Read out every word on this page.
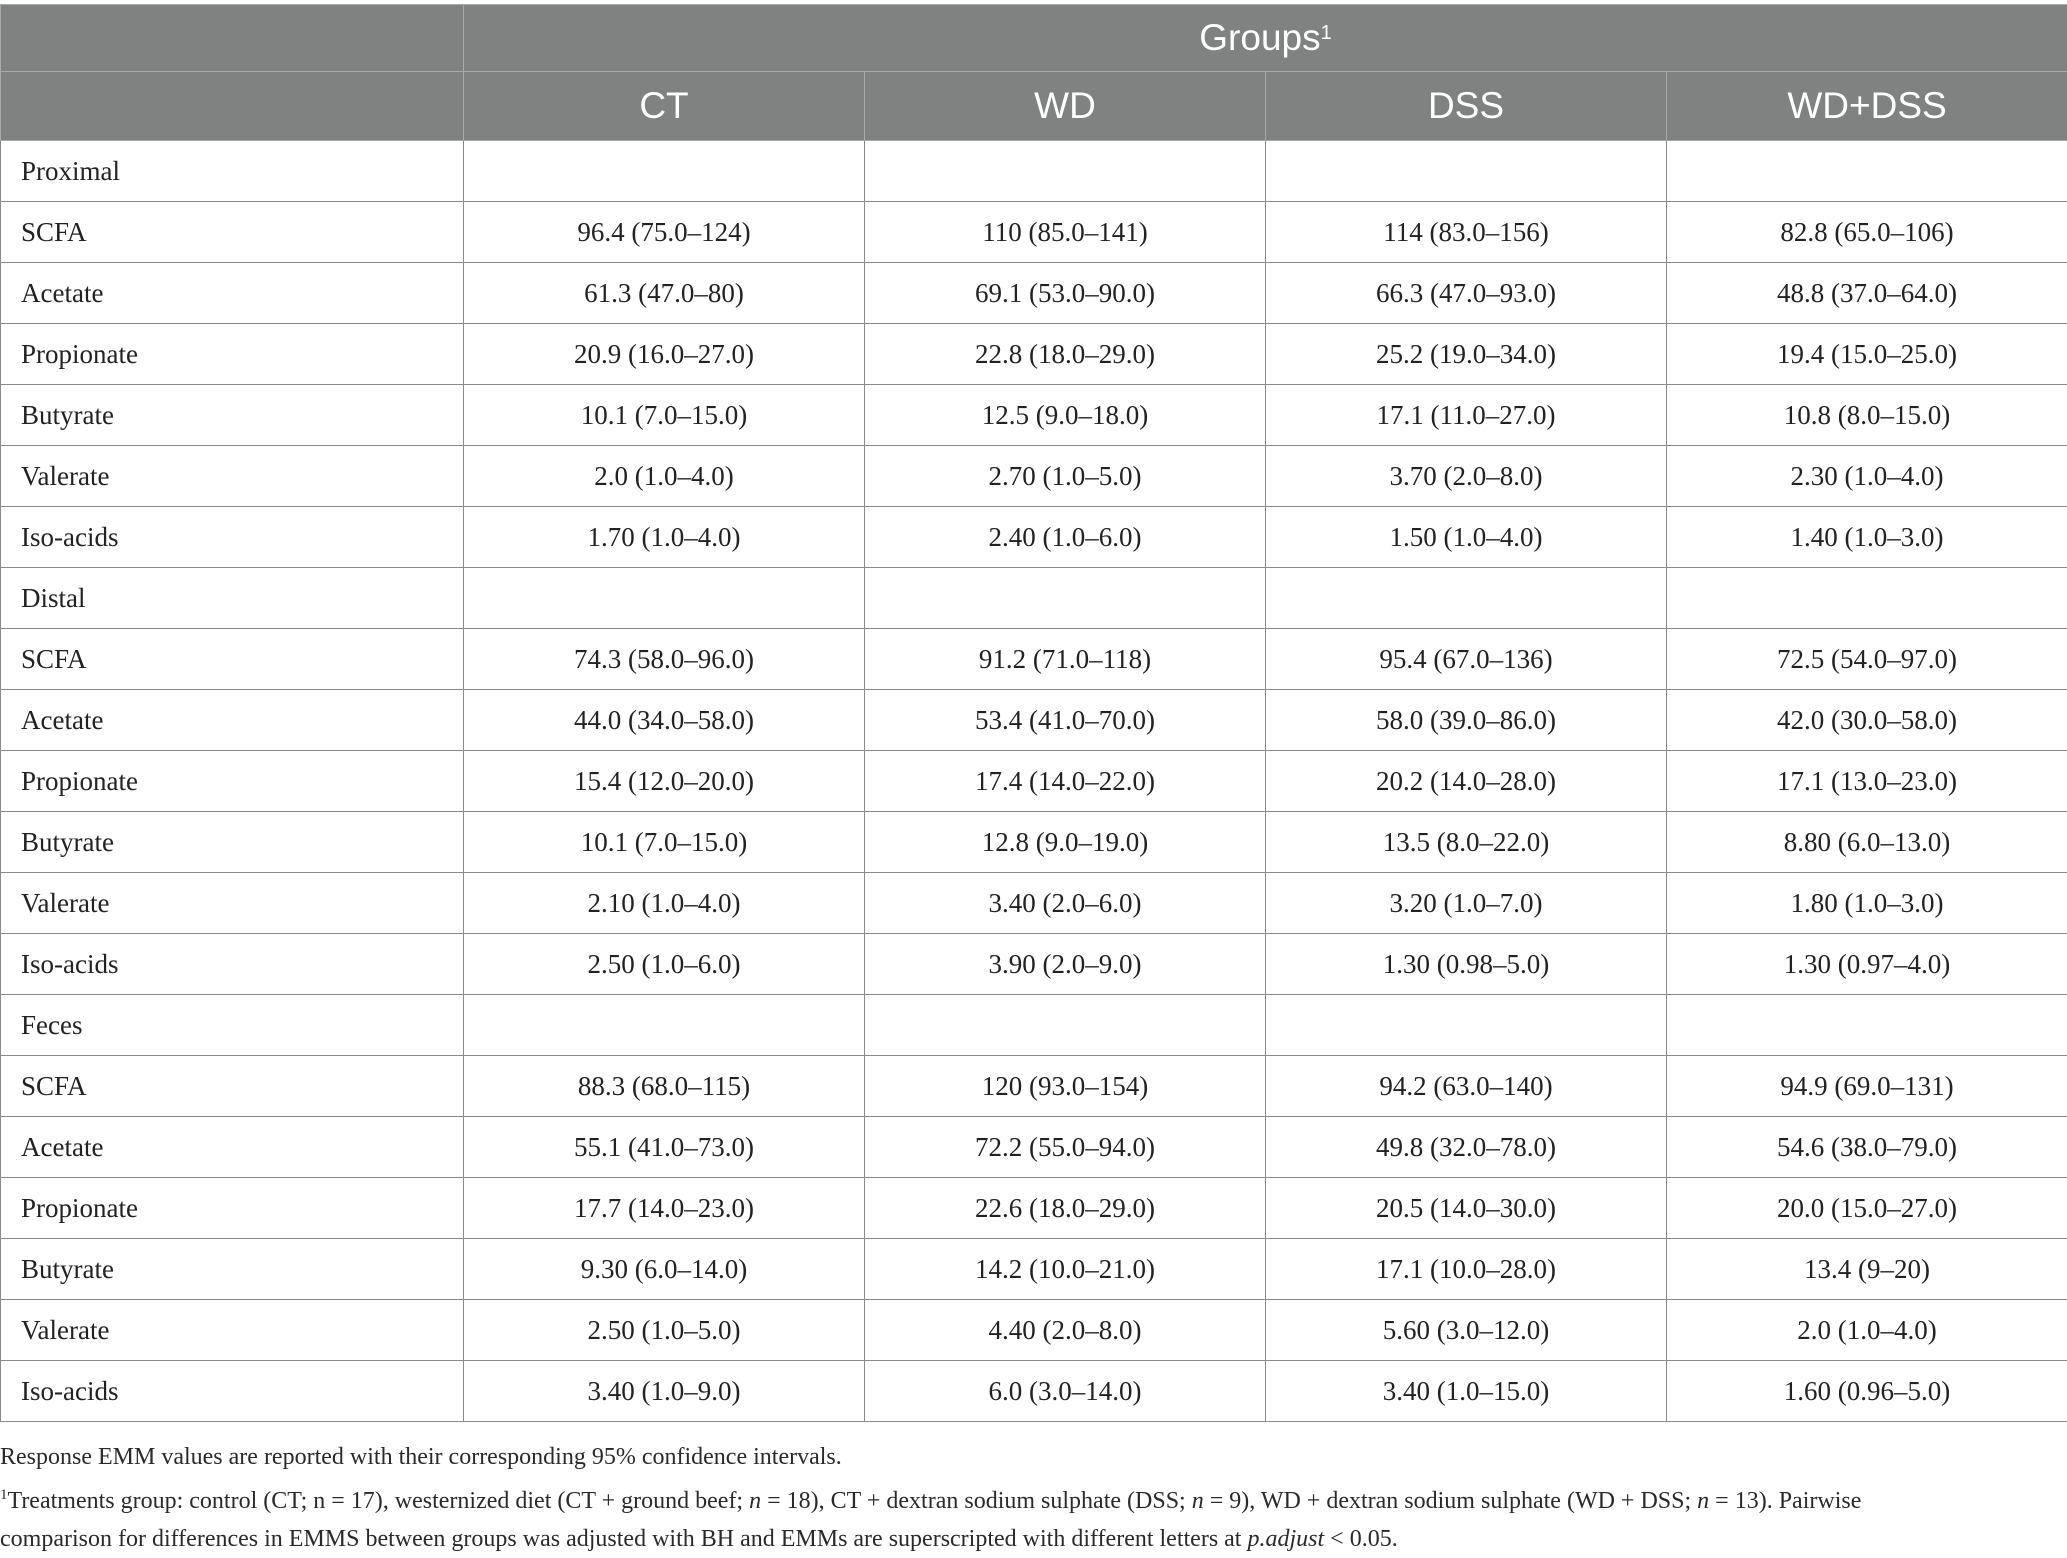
	Groups$^1$
	CT	WD	DSS	WD+DSS
Proximal				
SCFA	96.4 (75.0–124)	110 (85.0–141)	114 (83.0–156)	82.8 (65.0–106)
Acetate	61.3 (47.0–80)	69.1 (53.0–90.0)	66.3 (47.0–93.0)	48.8 (37.0–64.0)
Propionate	20.9 (16.0–27.0)	22.8 (18.0–29.0)	25.2 (19.0–34.0)	19.4 (15.0–25.0)
Butyrate	10.1 (7.0–15.0)	12.5 (9.0–18.0)	17.1 (11.0–27.0)	10.8 (8.0–15.0)
Valerate	2.0 (1.0–4.0)	2.70 (1.0–5.0)	3.70 (2.0–8.0)	2.30 (1.0–4.0)
Iso-acids	1.70 (1.0–4.0)	2.40 (1.0–6.0)	1.50 (1.0–4.0)	1.40 (1.0–3.0)
Distal				
SCFA	74.3 (58.0–96.0)	91.2 (71.0–118)	95.4 (67.0–136)	72.5 (54.0–97.0)
Acetate	44.0 (34.0–58.0)	53.4 (41.0–70.0)	58.0 (39.0–86.0)	42.0 (30.0–58.0)
Propionate	15.4 (12.0–20.0)	17.4 (14.0–22.0)	20.2 (14.0–28.0)	17.1 (13.0–23.0)
Butyrate	10.1 (7.0–15.0)	12.8 (9.0–19.0)	13.5 (8.0–22.0)	8.80 (6.0–13.0)
Valerate	2.10 (1.0–4.0)	3.40 (2.0–6.0)	3.20 (1.0–7.0)	1.80 (1.0–3.0)
Iso-acids	2.50 (1.0–6.0)	3.90 (2.0–9.0)	1.30 (0.98–5.0)	1.30 (0.97–4.0)
Feces				
SCFA	88.3 (68.0–115)	120 (93.0–154)	94.2 (63.0–140)	94.9 (69.0–131)
Acetate	55.1 (41.0–73.0)	72.2 (55.0–94.0)	49.8 (32.0–78.0)	54.6 (38.0–79.0)
Propionate	17.7 (14.0–23.0)	22.6 (18.0–29.0)	20.5 (14.0–30.0)	20.0 (15.0–27.0)
Butyrate	9.30 (6.0–14.0)	14.2 (10.0–21.0)	17.1 (10.0–28.0)	13.4 (9–20)
Valerate	2.50 (1.0–5.0)	4.40 (2.0–8.0)	5.60 (3.0–12.0)	2.0 (1.0–4.0)
Iso-acids	3.40 (1.0–9.0)	6.0 (3.0–14.0)	3.40 (1.0–15.0)	1.60 (0.96–5.0)

Response EMM values are reported with their corresponding 95% confidence intervals.

$^1$Treatments group: control (CT; n = 17), westernized diet (CT + ground beef; n = 18), CT + dextran sodium sulphate (DSS; n = 9), WD + dextran sodium sulphate (WD + DSS; n = 13). Pairwise

comparison for differences in EMMS between groups was adjusted with BH and EMMs are superscripted with different letters at p.adjust < 0.05.
